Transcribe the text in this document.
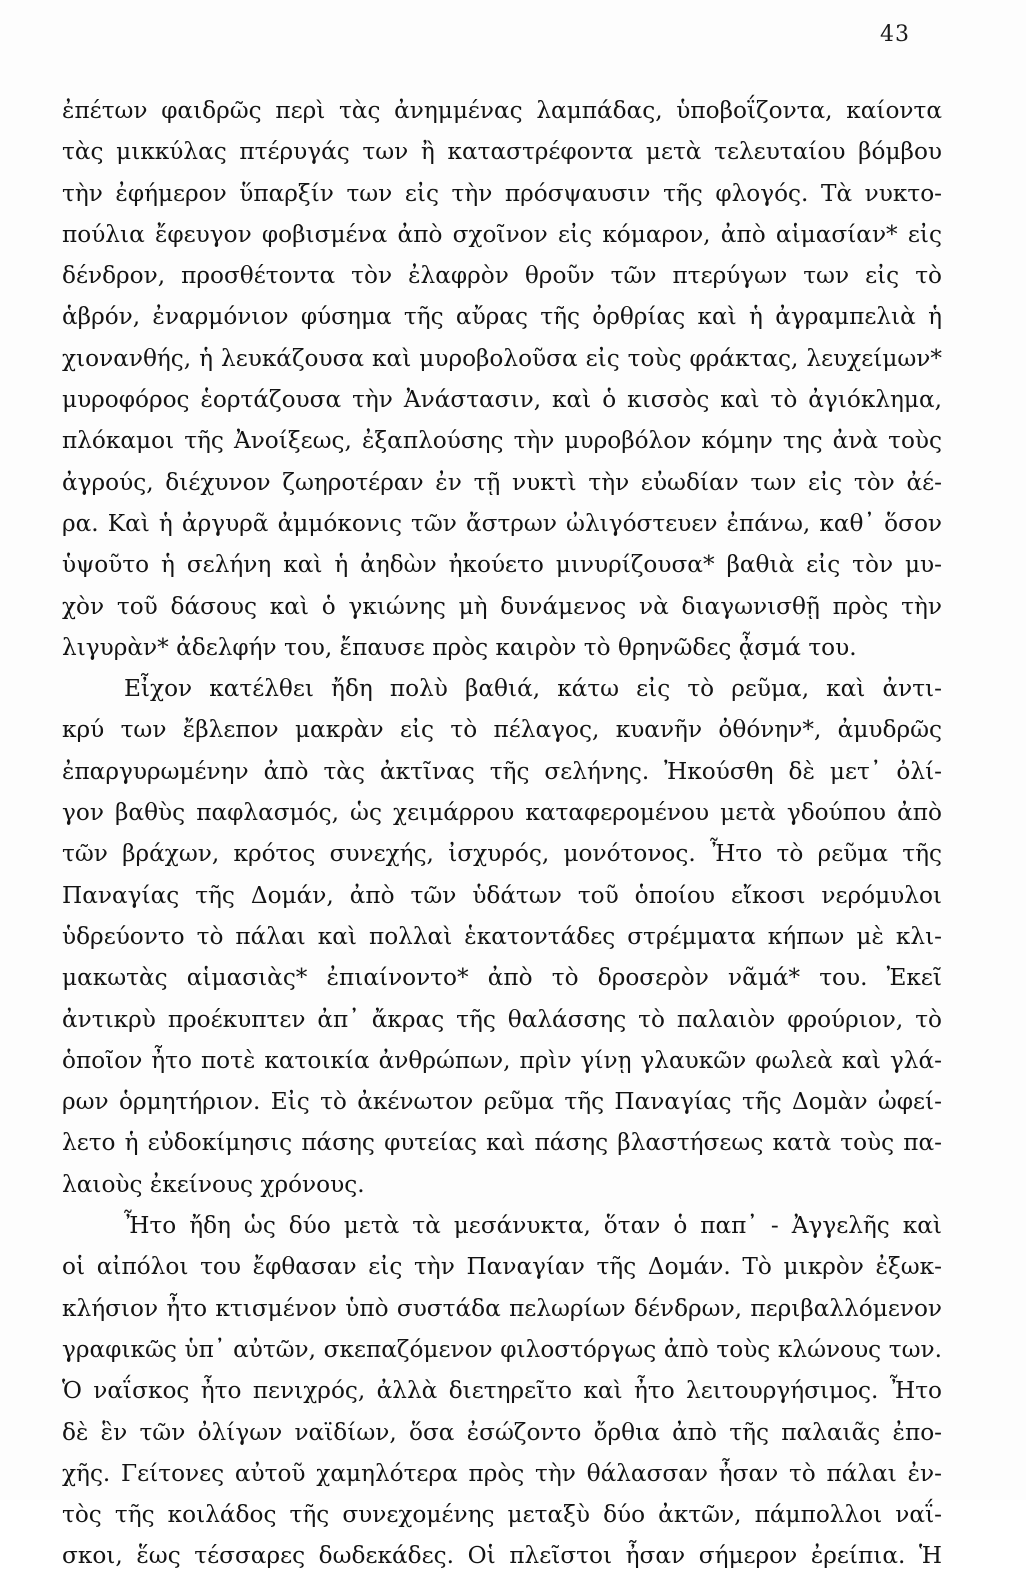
43
ἐπέτων φαιδρῶς περὶ τὰς ἀνημμένας λαμπάδας, ὑποβοΐζοντα, καίοντα
τὰς μικκύλας πτέρυγάς των ἢ καταστρέφοντα μετὰ τελευταίου βόμβου
τὴν ἐφήμερον ὕπαρξίν των εἰς τὴν πρόσψαυσιν τῆς φλογός. Τὰ νυκτο-
πούλια ἔφευγον φοβισμένα ἀπὸ σχοῖνον εἰς κόμαρον, ἀπὸ αἱμασίαν* εἰς
δένδρον, προσθέτοντα τὸν ἐλαφρὸν θροῦν τῶν πτερύγων των εἰς τὸ
ἁβρόν, ἐναρμόνιον φύσημα τῆς αὔρας τῆς ὀρθρίας καὶ ἡ ἀγραμπελιὰ ἡ
χιονανθής, ἡ λευκάζουσα καὶ μυροβολοῦσα εἰς τοὺς φράκτας, λευχείμων*
μυροφόρος ἑορτάζουσα τὴν Ἀνάστασιν, καὶ ὁ κισσὸς καὶ τὸ ἀγιόκλημα,
πλόκαμοι τῆς Ἀνοίξεως, ἐξαπλούσης τὴν μυροβόλον κόμην της ἀνὰ τοὺς
ἀγρούς, διέχυνον ζωηροτέραν ἐν τῇ νυκτὶ τὴν εὐωδίαν των εἰς τὸν ἀέ-
ρα. Καὶ ἡ ἀργυρᾶ ἀμμόκονις τῶν ἄστρων ὠλιγόστευεν ἐπάνω, καθ᾽ ὅσον
ὑψοῦτο ἡ σελήνη καὶ ἡ ἀηδὼν ἠκούετο μινυρίζουσα* βαθιὰ εἰς τὸν μυ-
χὸν τοῦ δάσους καὶ ὁ γκιώνης μὴ δυνάμενος νὰ διαγωνισθῇ πρὸς τὴν
λιγυρὰν* ἀδελφήν του, ἔπαυσε πρὸς καιρὸν τὸ θρηνῶδες ᾆσμά του.
Εἶχον κατέλθει ἤδη πολὺ βαθιά, κάτω εἰς τὸ ρεῦμα, καὶ ἀντι-
κρύ των ἔβλεπον μακρὰν εἰς τὸ πέλαγος, κυανῆν ὀθόνην*, ἀμυδρῶς
ἐπαργυρωμένην ἀπὸ τὰς ἀκτῖνας τῆς σελήνης. Ἠκούσθη δὲ μετ᾽ ὀλί-
γον βαθὺς παφλασμός, ὡς χειμάρρου καταφερομένου μετὰ γδούπου ἀπὸ
τῶν βράχων, κρότος συνεχής, ἰσχυρός, μονότονος. Ἦτο τὸ ρεῦμα τῆς
Παναγίας τῆς Δομάν, ἀπὸ τῶν ὑδάτων τοῦ ὁποίου εἴκοσι νερόμυλοι
ὑδρεύοντο τὸ πάλαι καὶ πολλαὶ ἑκατοντάδες στρέμματα κήπων μὲ κλι-
μακωτὰς αἱμασιὰς* ἐπιαίνοντο* ἀπὸ τὸ δροσερὸν νᾶμά* του. Ἐκεῖ
ἀντικρὺ προέκυπτεν ἀπ᾽ ἄκρας τῆς θαλάσσης τὸ παλαιὸν φρούριον, τὸ
ὁποῖον ἦτο ποτὲ κατοικία ἀνθρώπων, πρὶν γίνῃ γλαυκῶν φωλεὰ καὶ γλά-
ρων ὁρμητήριον. Εἰς τὸ ἀκένωτον ρεῦμα τῆς Παναγίας τῆς Δομὰν ὠφεί-
λετο ἡ εὐδοκίμησις πάσης φυτείας καὶ πάσης βλαστήσεως κατὰ τοὺς πα-
λαιοὺς ἐκείνους χρόνους.
Ἦτο ἤδη ὡς δύο μετὰ τὰ μεσάνυκτα, ὅταν ὁ παπ᾽ - Ἀγγελῆς καὶ
οἱ αἰπόλοι του ἔφθασαν εἰς τὴν Παναγίαν τῆς Δομάν. Τὸ μικρὸν ἐξωκ-
κλήσιον ἦτο κτισμένον ὑπὸ συστάδα πελωρίων δένδρων, περιβαλλόμενον
γραφικῶς ὑπ᾽ αὐτῶν, σκεπαζόμενον φιλοστόργως ἀπὸ τοὺς κλώνους των.
Ὁ ναΐσκος ἦτο πενιχρός, ἀλλὰ διετηρεῖτο καὶ ἦτο λειτουργήσιμος. Ἦτο
δὲ ἓν τῶν ὀλίγων ναϊδίων, ὅσα ἐσώζοντο ὄρθια ἀπὸ τῆς παλαιᾶς ἐπο-
χῆς. Γείτονες αὐτοῦ χαμηλότερα πρὸς τὴν θάλασσαν ἦσαν τὸ πάλαι ἐν-
τὸς τῆς κοιλάδος τῆς συνεχομένης μεταξὺ δύο ἀκτῶν, πάμπολλοι ναΐ-
σκοι, ἕως τέσσαρες δωδεκάδες. Οἱ πλεῖστοι ἦσαν σήμερον ἐρείπια. Ἡ
